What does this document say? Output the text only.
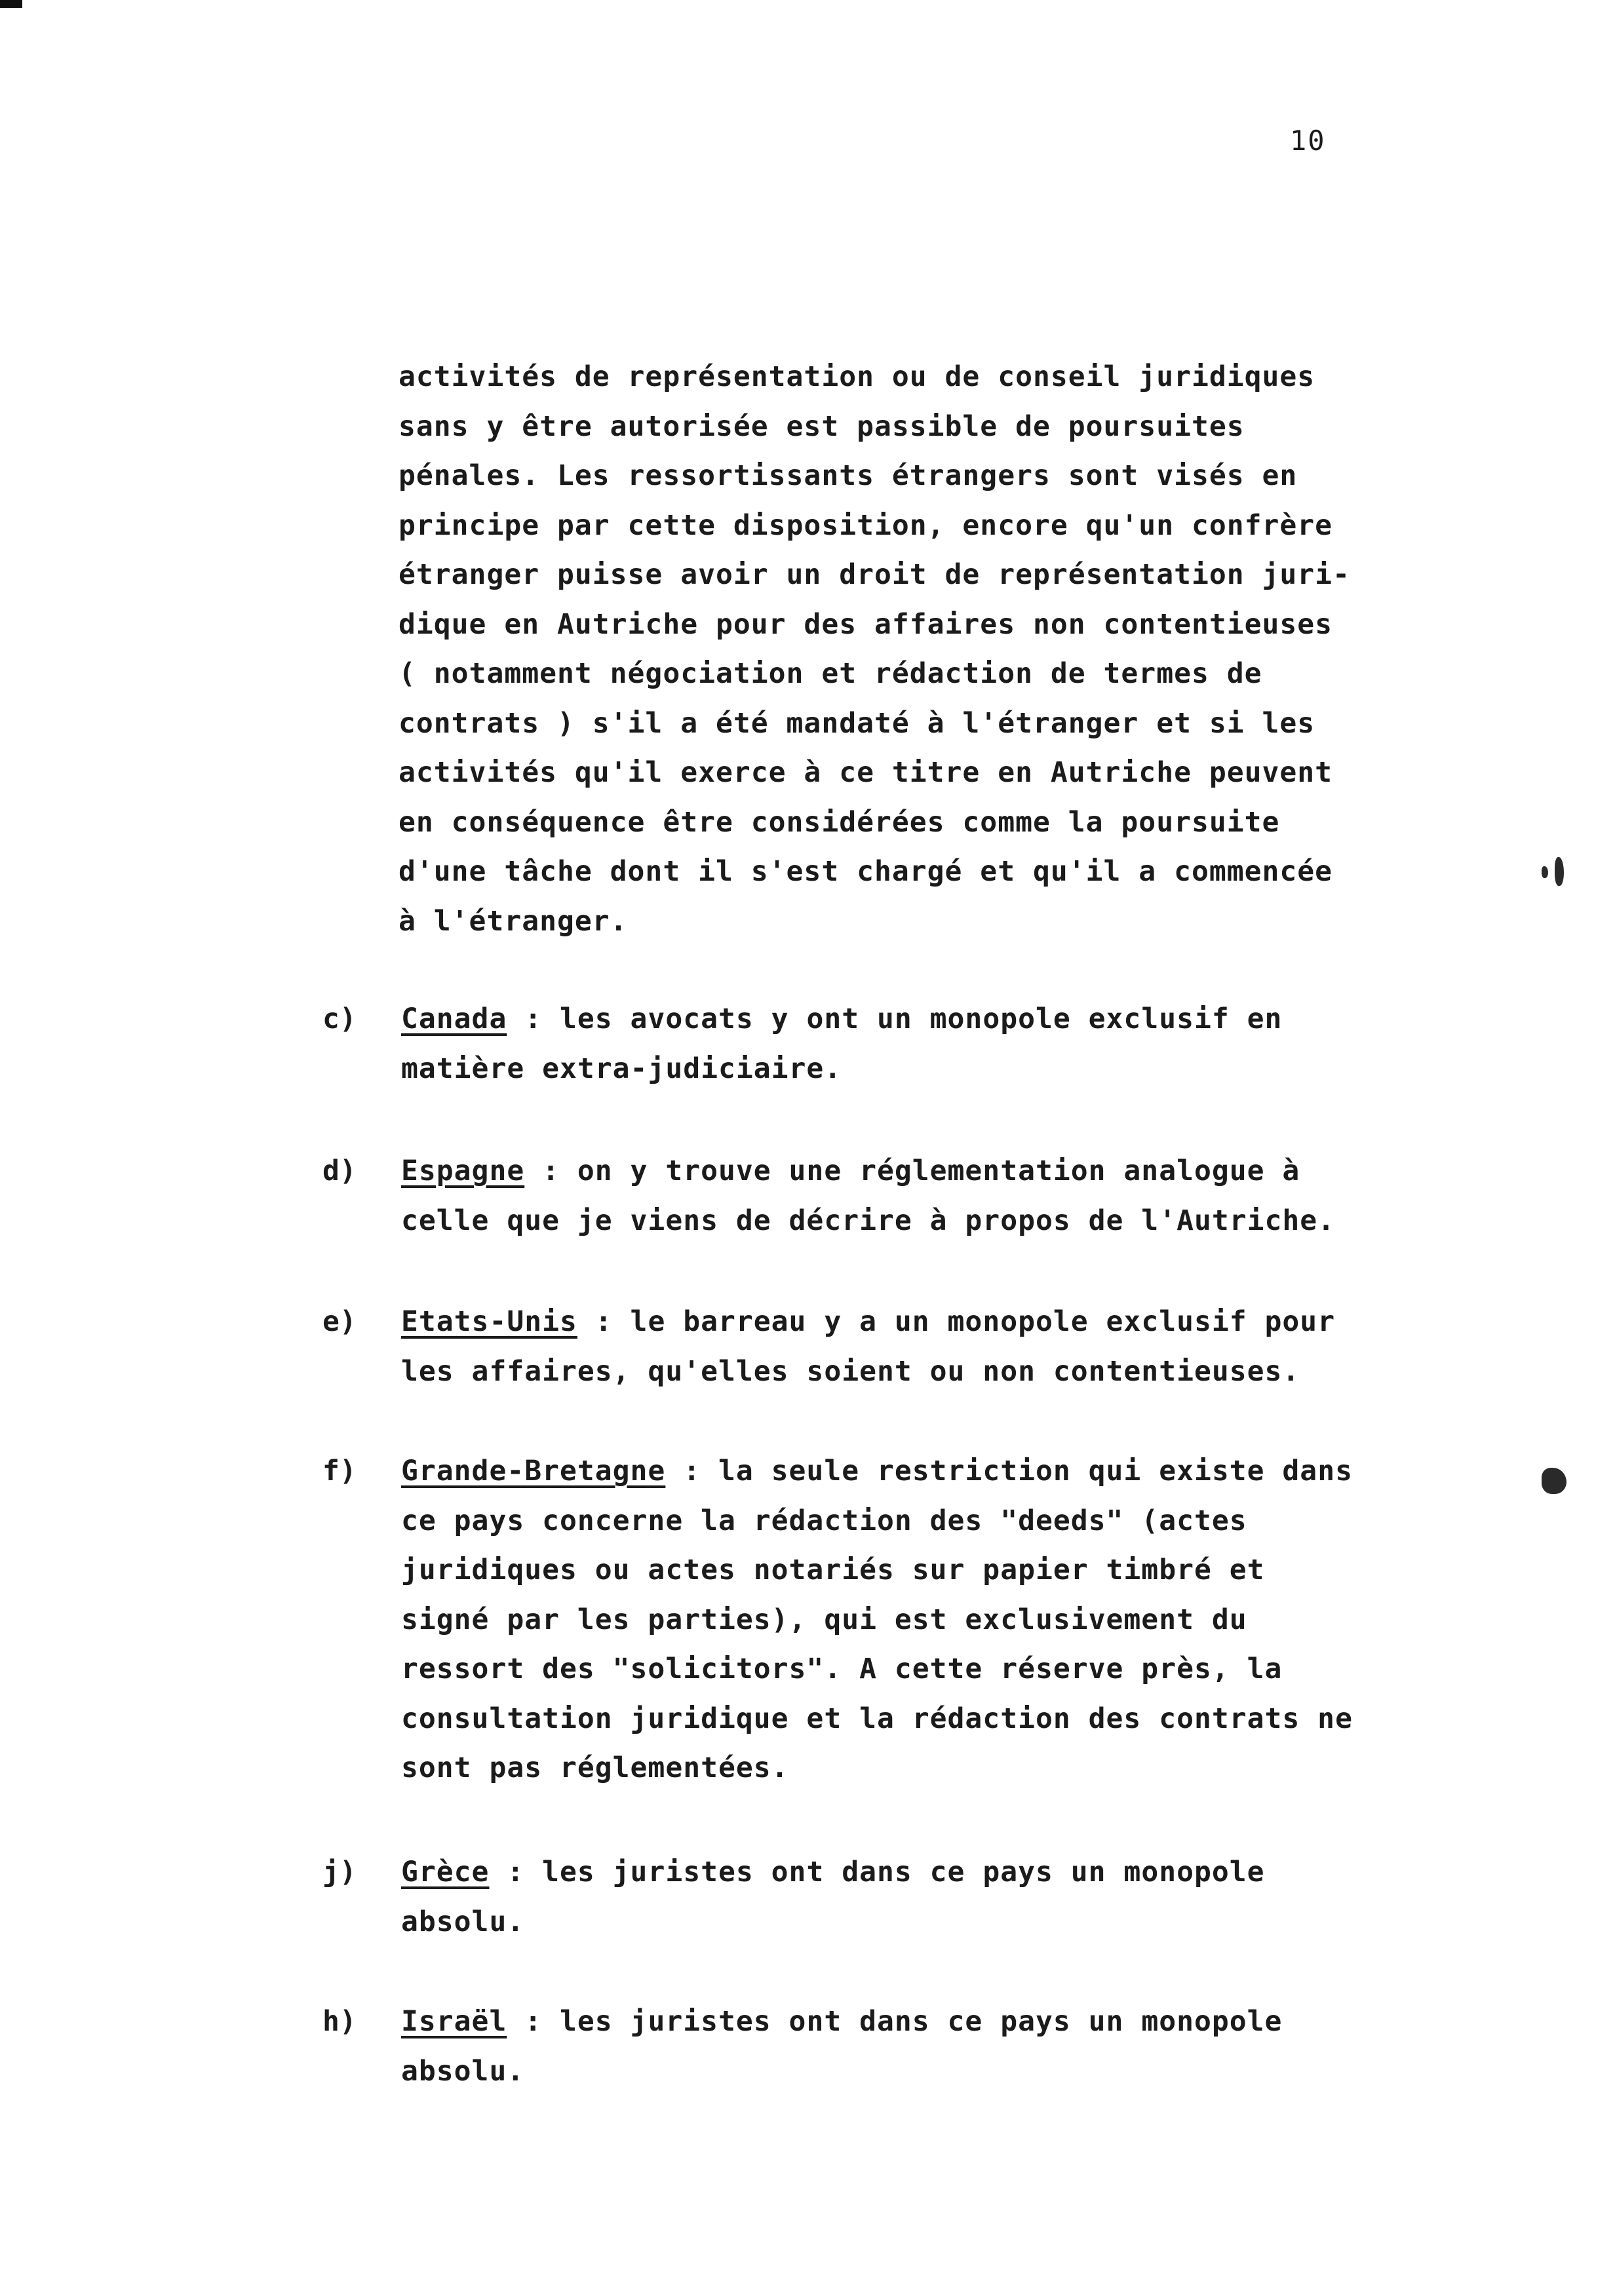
10
activités de représentation ou de conseil juridiques
sans y être autorisée est passible de poursuites
pénales. Les ressortissants étrangers sont visés en
principe par cette disposition, encore qu'un confrère
étranger puisse avoir un droit de représentation juri-
dique en Autriche pour des affaires non contentieuses
( notamment négociation et rédaction de termes de
contrats ) s'il a été mandaté à l'étranger et si les
activités qu'il exerce à ce titre en Autriche peuvent
en conséquence être considérées comme la poursuite
d'une tâche dont il s'est chargé et qu'il a commencée
à l'étranger.
c) Canada : les avocats y ont un monopole exclusif en
matière extra-judiciaire.
d) Espagne : on y trouve une réglementation analogue à
celle que je viens de décrire à propos de l'Autriche.
e) Etats-Unis : le barreau y a un monopole exclusif pour
les affaires, qu'elles soient ou non contentieuses.
f) Grande-Bretagne : la seule restriction qui existe dans
ce pays concerne la rédaction des "deeds" (actes
juridiques ou actes notariés sur papier timbré et
signé par les parties), qui est exclusivement du
ressort des "solicitors". A cette réserve près, la
consultation juridique et la rédaction des contrats ne
sont pas réglementées.
j) Grèce : les juristes ont dans ce pays un monopole
absolu.
h) Israël : les juristes ont dans ce pays un monopole
absolu.
